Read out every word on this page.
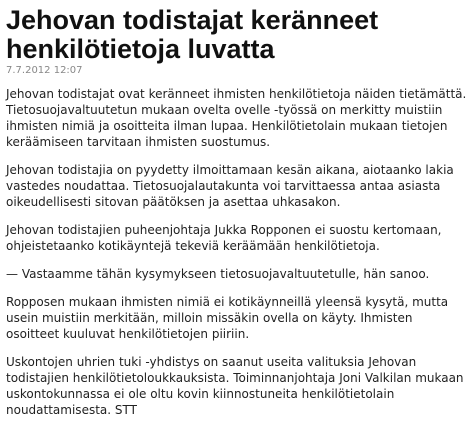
Jehovan todistajat keränneet henkilötietoja luvatta
7.7.2012 12:07

Jehovan todistajat ovat keränneet ihmisten henkilötietoja näiden tietämättä. Tietosuojavaltuutetun mukaan ovelta ovelle -työssä on merkitty muistiin ihmisten nimiä ja osoitteita ilman lupaa. Henkilötietolain mukaan tietojen keräämiseen tarvitaan ihmisten suostumus.

Jehovan todistajia on pyydetty ilmoittamaan kesän aikana, aiotaanko lakia vastedes noudattaa. Tietosuojalautakunta voi tarvittaessa antaa asiasta oikeudellisesti sitovan päätöksen ja asettaa uhkasakon.

Jehovan todistajien puheenjohtaja Jukka Ropponen ei suostu kertomaan, ohjeistetaanko kotikäyntejä tekeviä keräämään henkilötietoja.

— Vastaamme tähän kysymykseen tietosuojavaltuutetulle, hän sanoo.

Ropposen mukaan ihmisten nimiä ei kotikäynneillä yleensä kysytä, mutta usein muistiin merkitään, milloin missäkin ovella on käyty. Ihmisten osoitteet kuuluvat henkilötietojen piiriin.

Uskontojen uhrien tuki -yhdistys on saanut useita valituksia Jehovan todistajien henkilötietoloukkauksista. Toiminnanjohtaja Joni Valkilan mukaan uskontokunnassa ei ole oltu kovin kiinnostuneita henkilötietolain noudattamisesta. STT
